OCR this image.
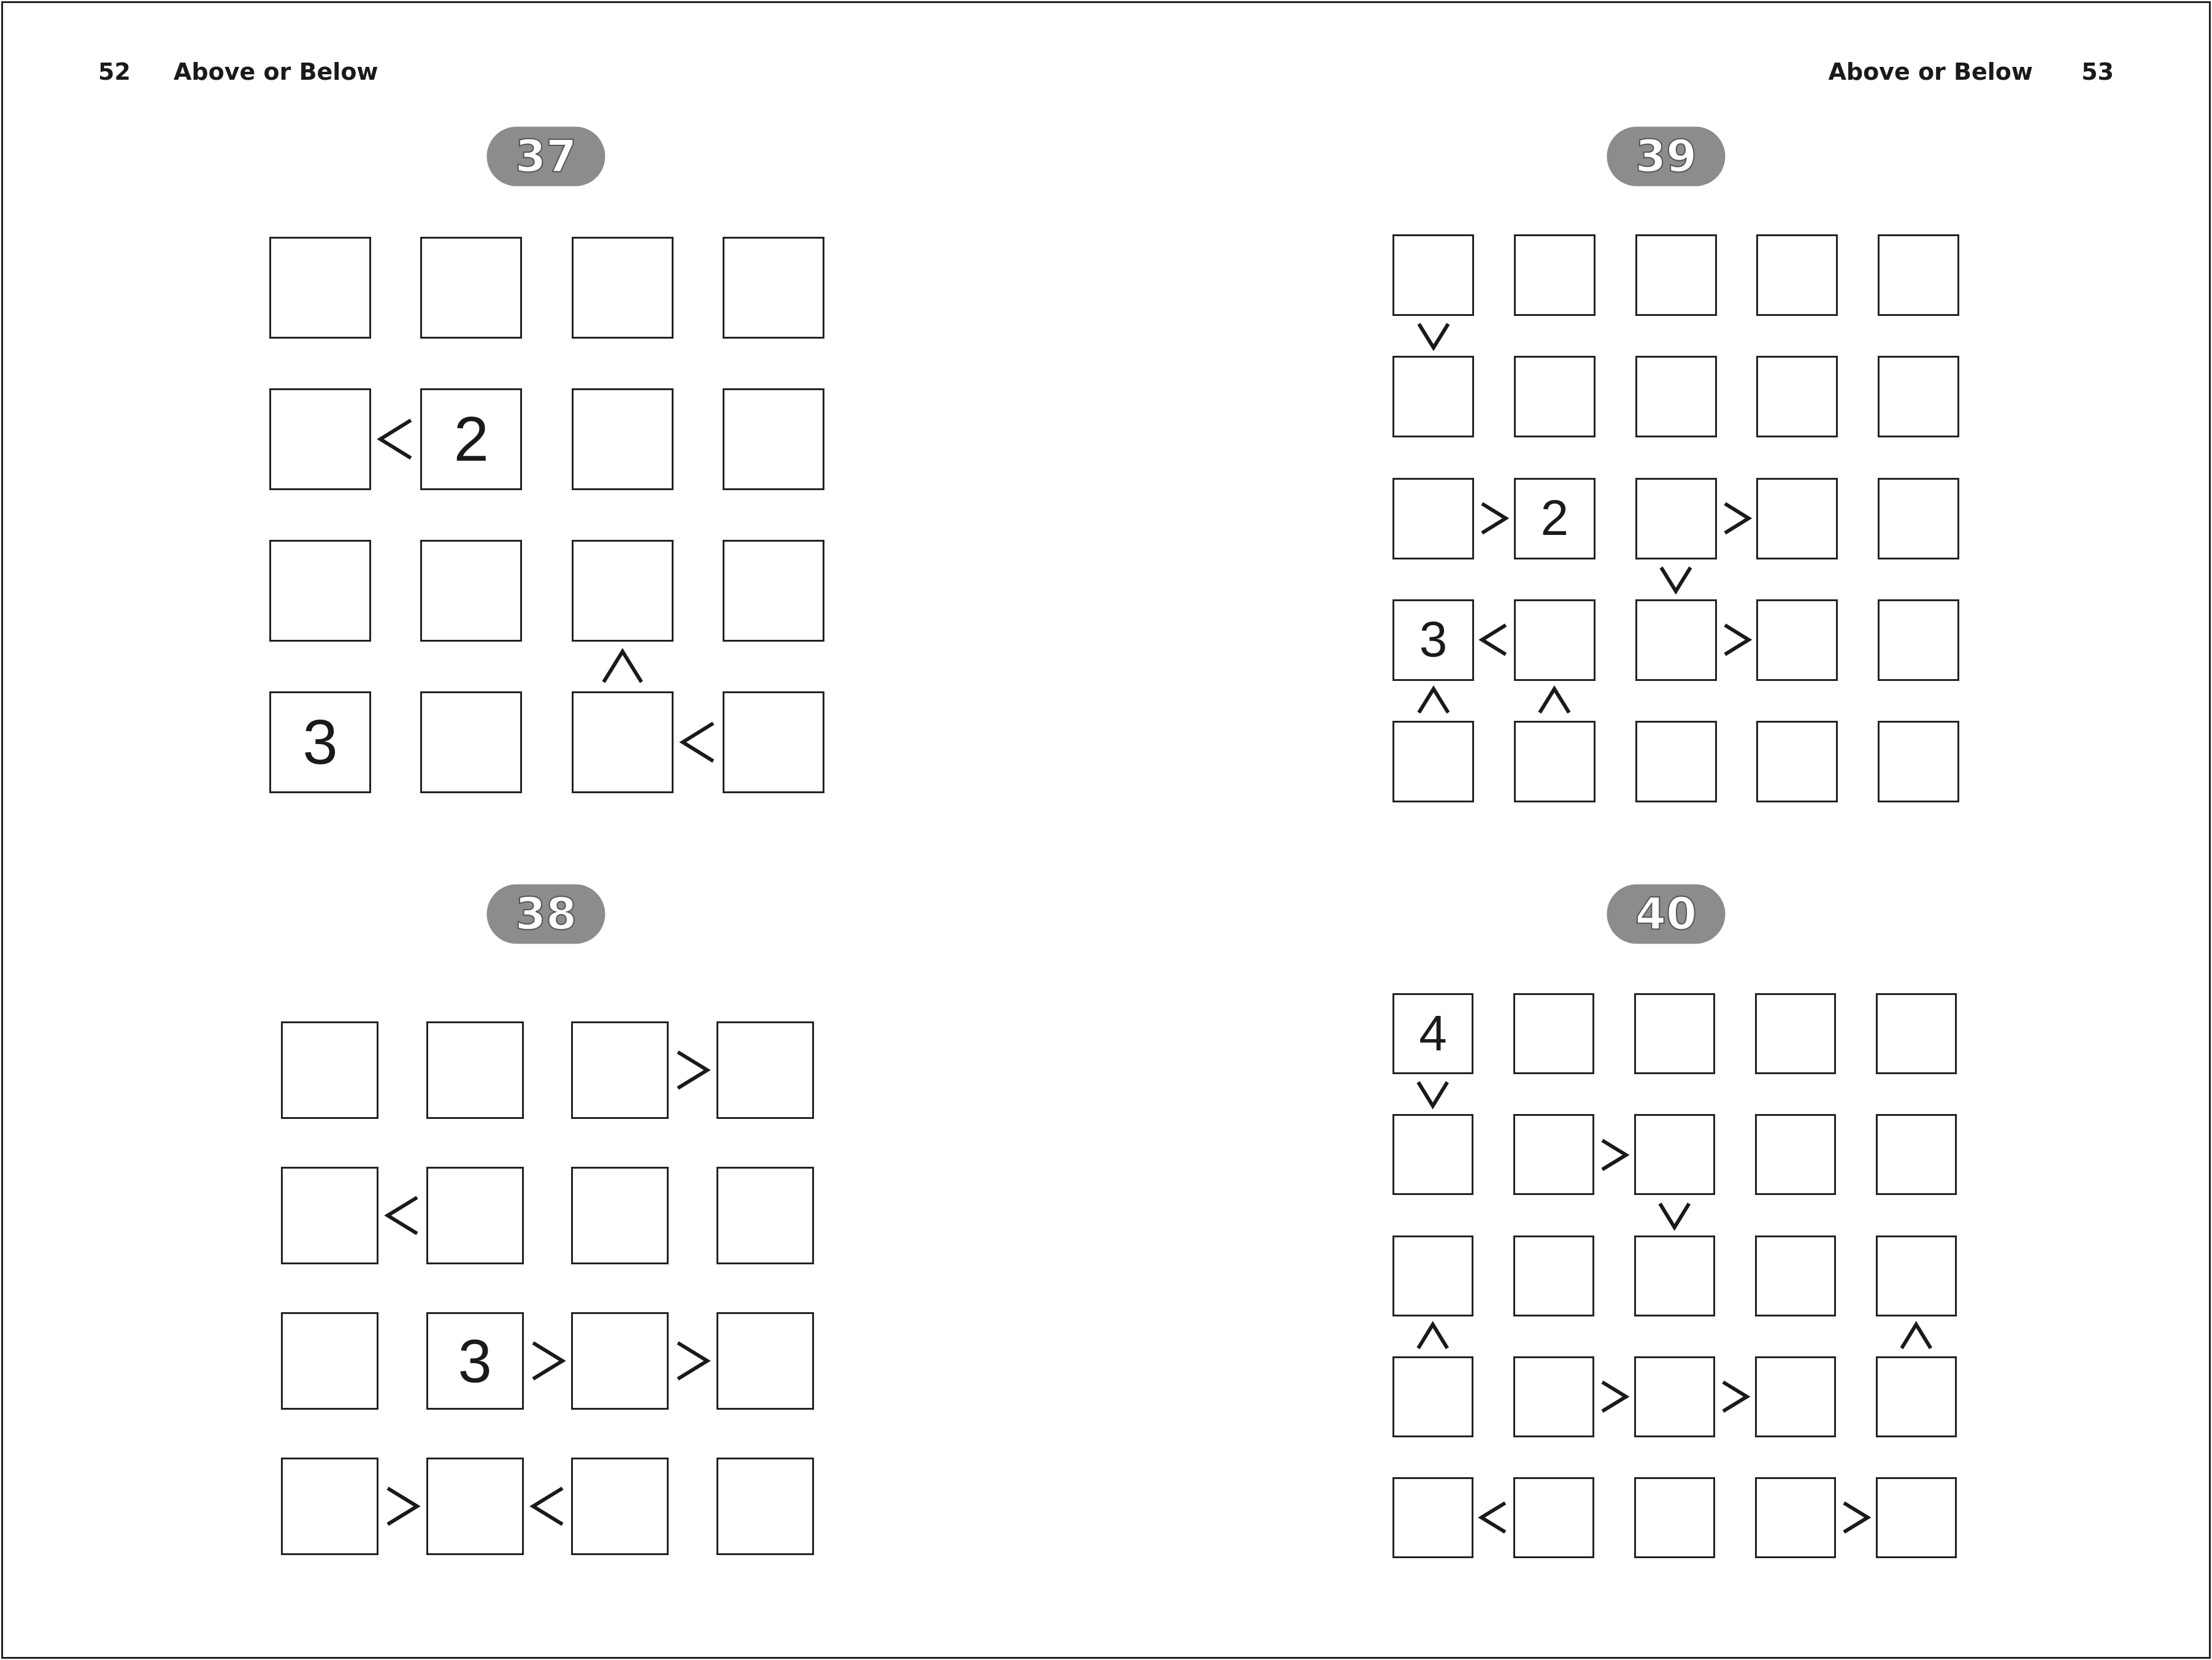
52 Above or Below	Above or Below 53
37
38
39
40
2
3
3
2
3
4
